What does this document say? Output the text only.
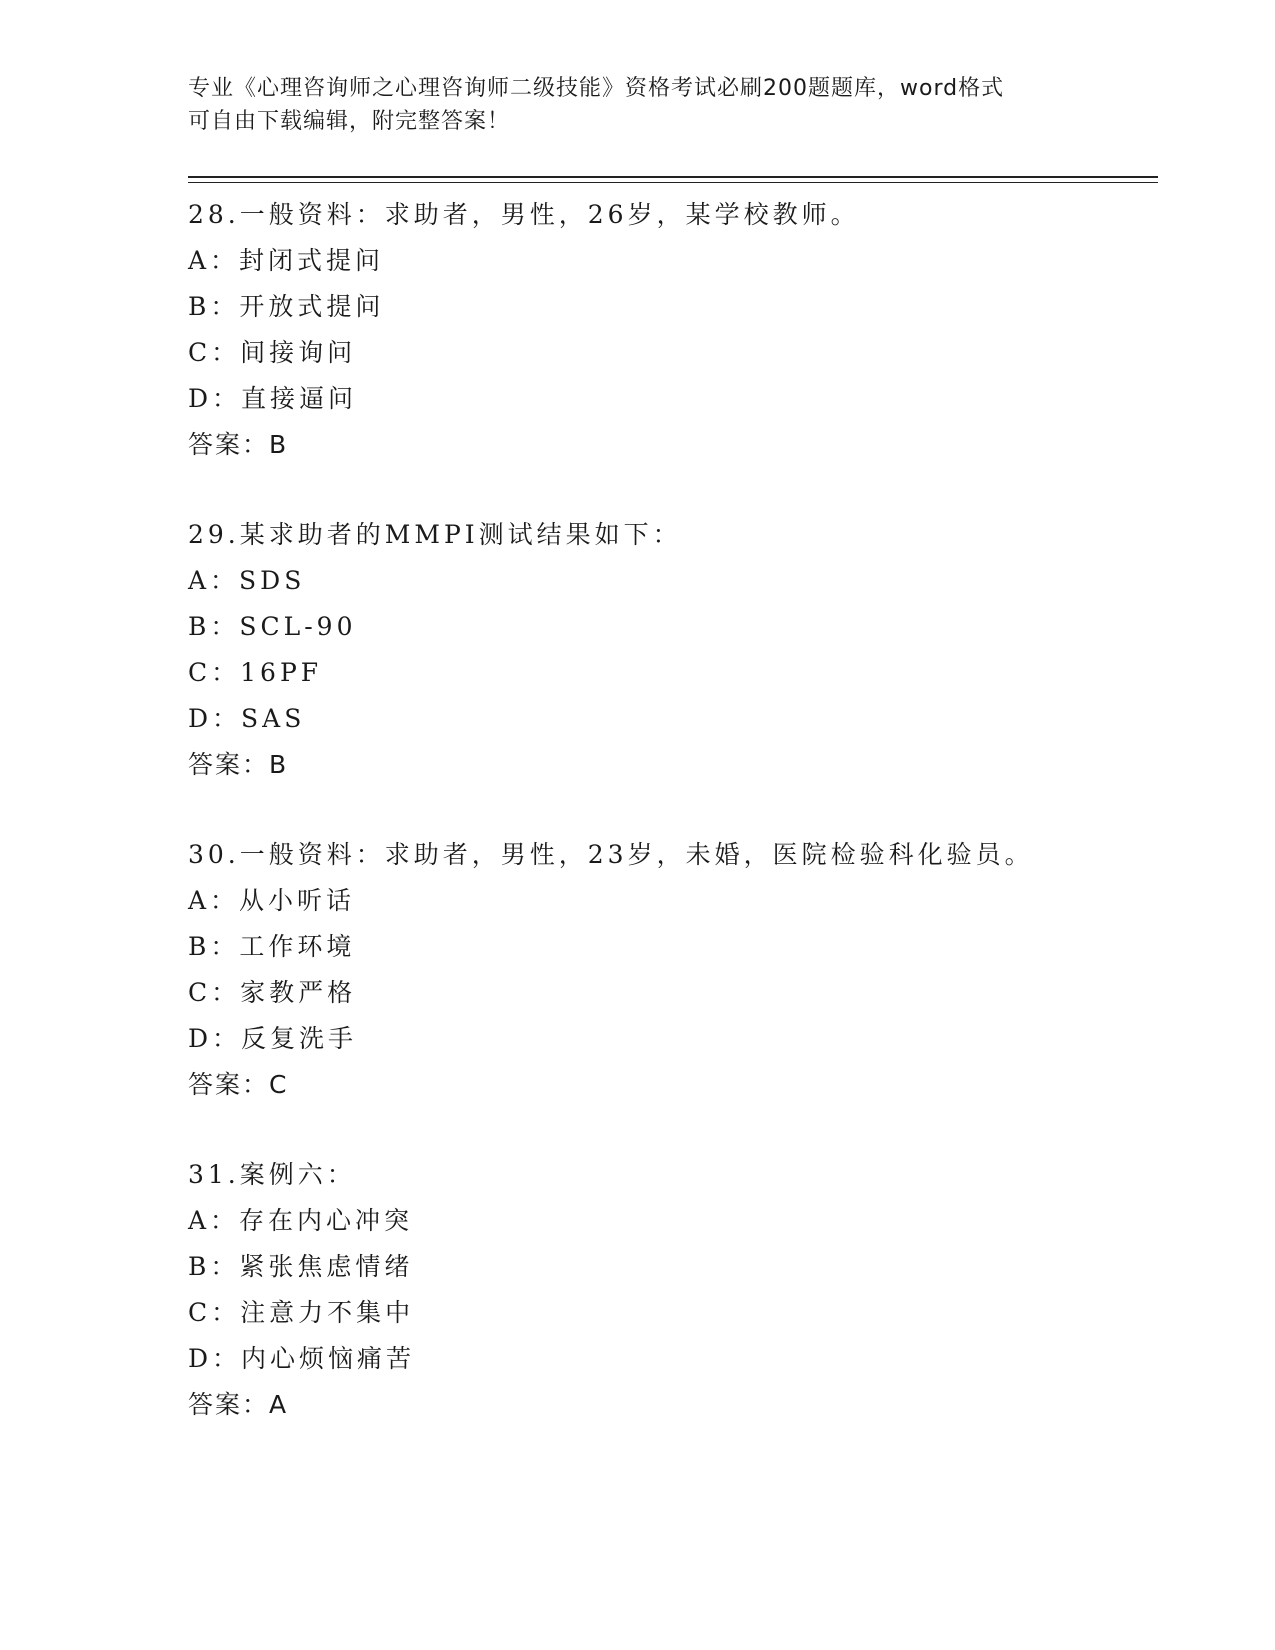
专业《心理咨询师之心理咨询师二级技能》资格考试必刷200题题库，word格式
可自由下载编辑，附完整答案！
28.一般资料：求助者，男性，26岁，某学校教师。
A：封闭式提问
B：开放式提问
C：间接询问
D：直接逼问
答案：B
29.某求助者的MMPI测试结果如下：
A：SDS
B：SCL-90
C：16PF
D：SAS
答案：B
30.一般资料：求助者，男性，23岁，未婚，医院检验科化验员。
A：从小听话
B：工作环境
C：家教严格
D：反复洗手
答案：C
31.案例六：
A：存在内心冲突
B：紧张焦虑情绪
C：注意力不集中
D：内心烦恼痛苦
答案：A
